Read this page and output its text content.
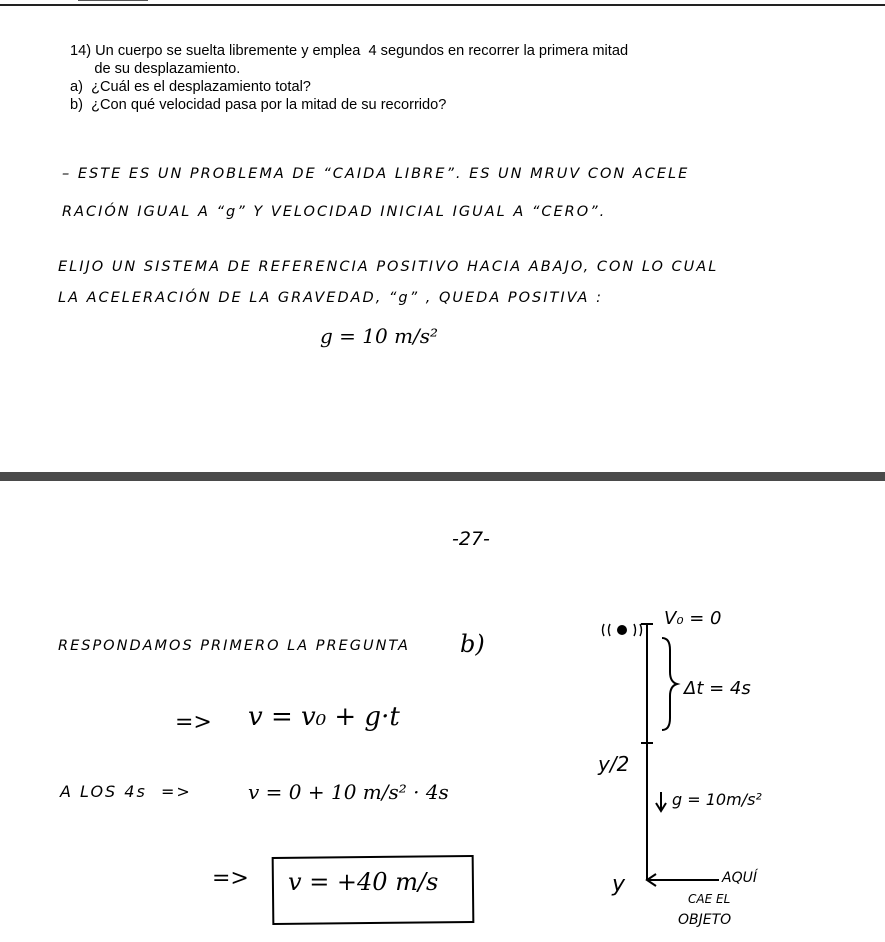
14) Un cuerpo se suelta libremente y emplea  4 segundos en recorrer la primera mitad
de su desplazamiento.
a)  ¿Cuál es el desplazamiento total?
b)  ¿Con qué velocidad pasa por la mitad de su recorrido?
– ESTE ES UN PROBLEMA DE “CAIDA LIBRE”. ES UN MRUV CON ACELE
RACIÓN IGUAL A “g” Y VELOCIDAD INICIAL IGUAL A “CERO”.
ELIJO UN SISTEMA DE REFERENCIA POSITIVO HACIA ABAJO, CON LO CUAL
LA ACELERACIÓN DE LA GRAVEDAD, “g” , QUEDA POSITIVA :
g = 10 m/s²
-27-
RESPONDAMOS PRIMERO LA PREGUNTA b)
=> v = v₀ + g·t
A LOS 4s  =>	v = 0 + 10 m/s² · 4s
=> v = +40 m/s
V₀ = 0
Δt = 4s
y/2
g = 10m/s²
y	AQUÍ
CAE EL
OBJETO
